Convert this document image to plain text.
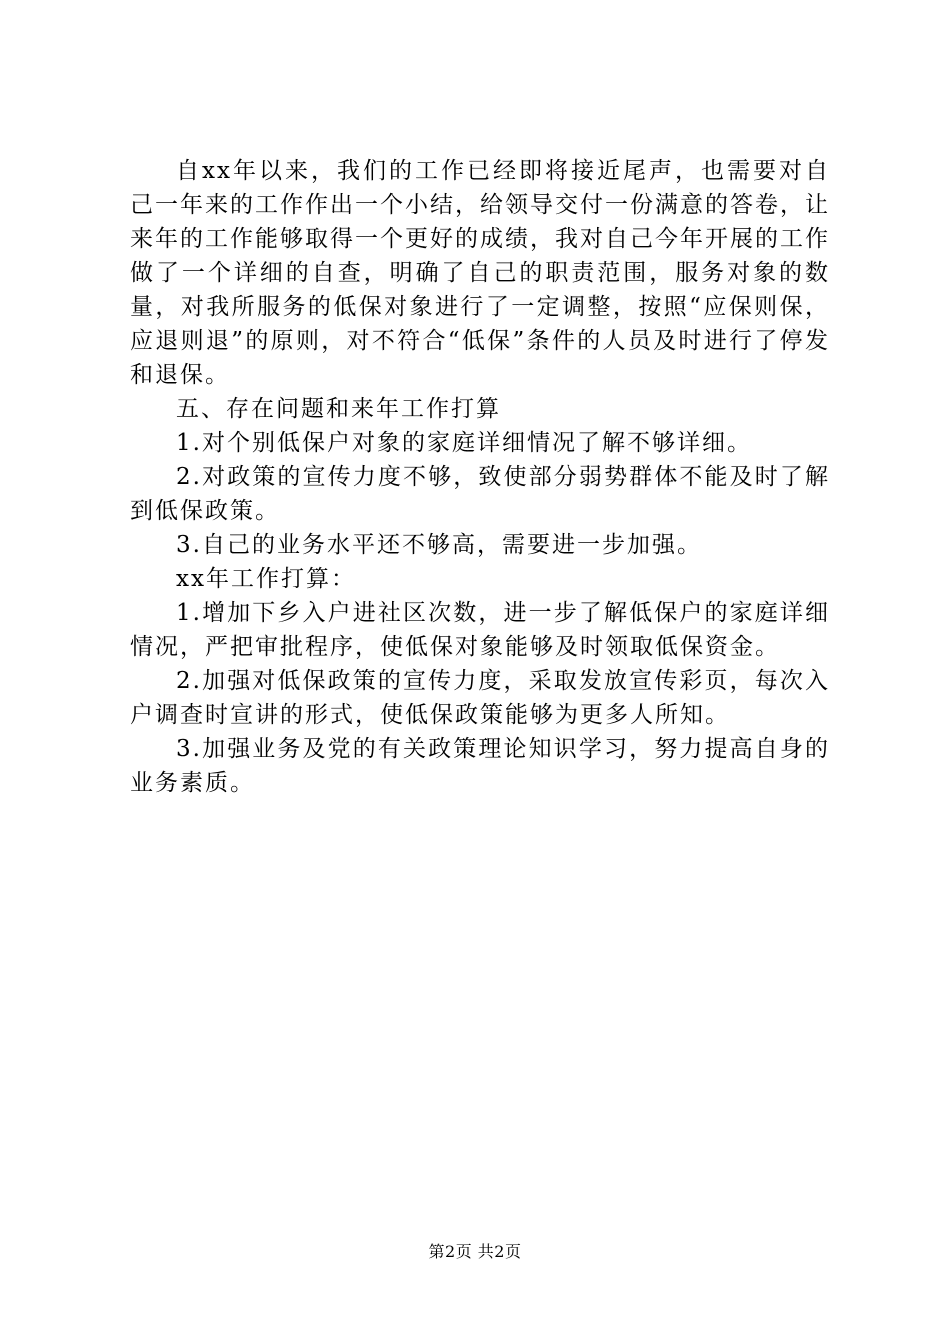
自xx年以来，我们的工作已经即将接近尾声，也需要对自己一年来的工作作出一个小结，给领导交付一份满意的答卷，让来年的工作能够取得一个更好的成绩，我对自己今年开展的工作做了一个详细的自查，明确了自己的职责范围，服务对象的数量，对我所服务的低保对象进行了一定调整，按照“应保则保，应退则退”的原则，对不符合“低保”条件的人员及时进行了停发和退保。

五、存在问题和来年工作打算

1.对个别低保户对象的家庭详细情况了解不够详细。

2.对政策的宣传力度不够，致使部分弱势群体不能及时了解到低保政策。

3.自己的业务水平还不够高，需要进一步加强。

xx年工作打算：

1.增加下乡入户进社区次数，进一步了解低保户的家庭详细情况，严把审批程序，使低保对象能够及时领取低保资金。

2.加强对低保政策的宣传力度，采取发放宣传彩页，每次入户调查时宣讲的形式，使低保政策能够为更多人所知。

3.加强业务及党的有关政策理论知识学习，努力提高自身的业务素质。

第2页 共2页
